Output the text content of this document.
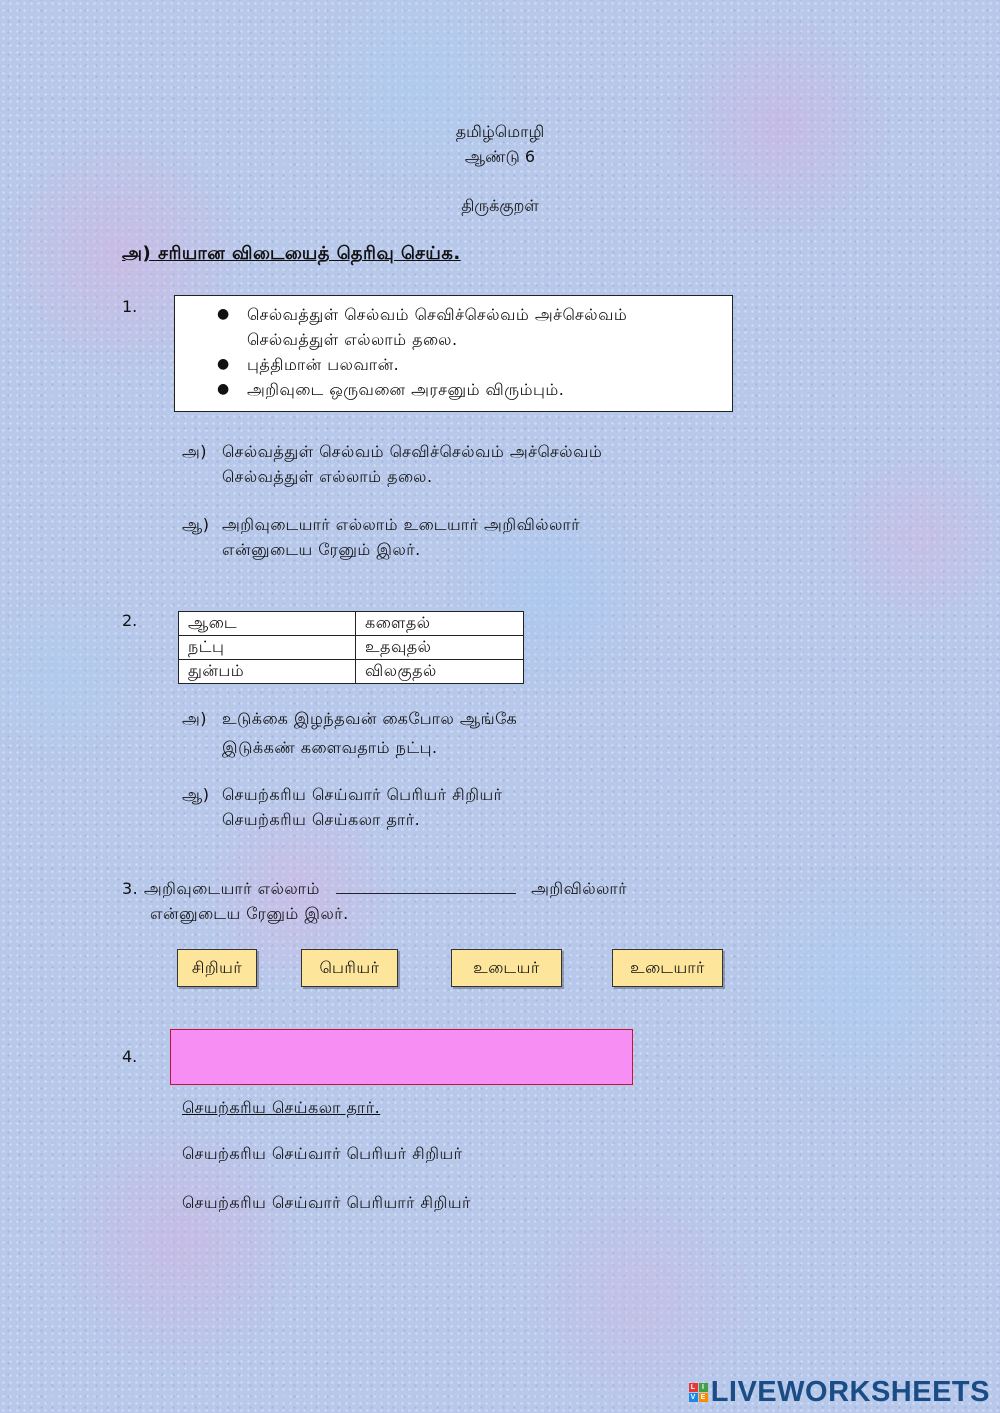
தமிழ்மொழி
ஆண்டு 6
திருக்குறள்
அ) சரியான விடையைத் தெரிவு செய்க.
1.	● செல்வத்துள் செல்வம் செவிச்செல்வம் அச்செல்வம்
செல்வத்துள் எல்லாம் தலை.
● புத்திமான் பலவான்.
● அறிவுடை ஒருவனை அரசனும் விரும்பும்.
அ) செல்வத்துள் செல்வம் செவிச்செல்வம் அச்செல்வம்
செல்வத்துள் எல்லாம் தலை.
ஆ) அறிவுடையார் எல்லாம் உடையார் அறிவில்லார்
என்னுடைய ரேனும் இலர்.
2.	ஆடை	களைதல்
நட்பு	உதவுதல்
துன்பம்	விலகுதல்
அ) உடுக்கை இழந்தவன் கைபோல ஆங்கே
இடுக்கண் களைவதாம் நட்பு.
ஆ) செயற்கரிய செய்வார் பெரியர் சிறியர்
செயற்கரிய செய்கலா தார்.
3. அறிவுடையார் எல்லாம்	அறிவில்லார்
என்னுடைய ரேனும் இலர்.
சிறியர்	பெரியர்	உடையர்	உடையார்
4.
செயற்கரிய செய்கலா தார்.
செயற்கரிய செய்வார் பெரியர் சிறியர்
செயற்கரிய செய்வார் பெரியார் சிறியர்
L I
V E LIVEWORKSHEETS
